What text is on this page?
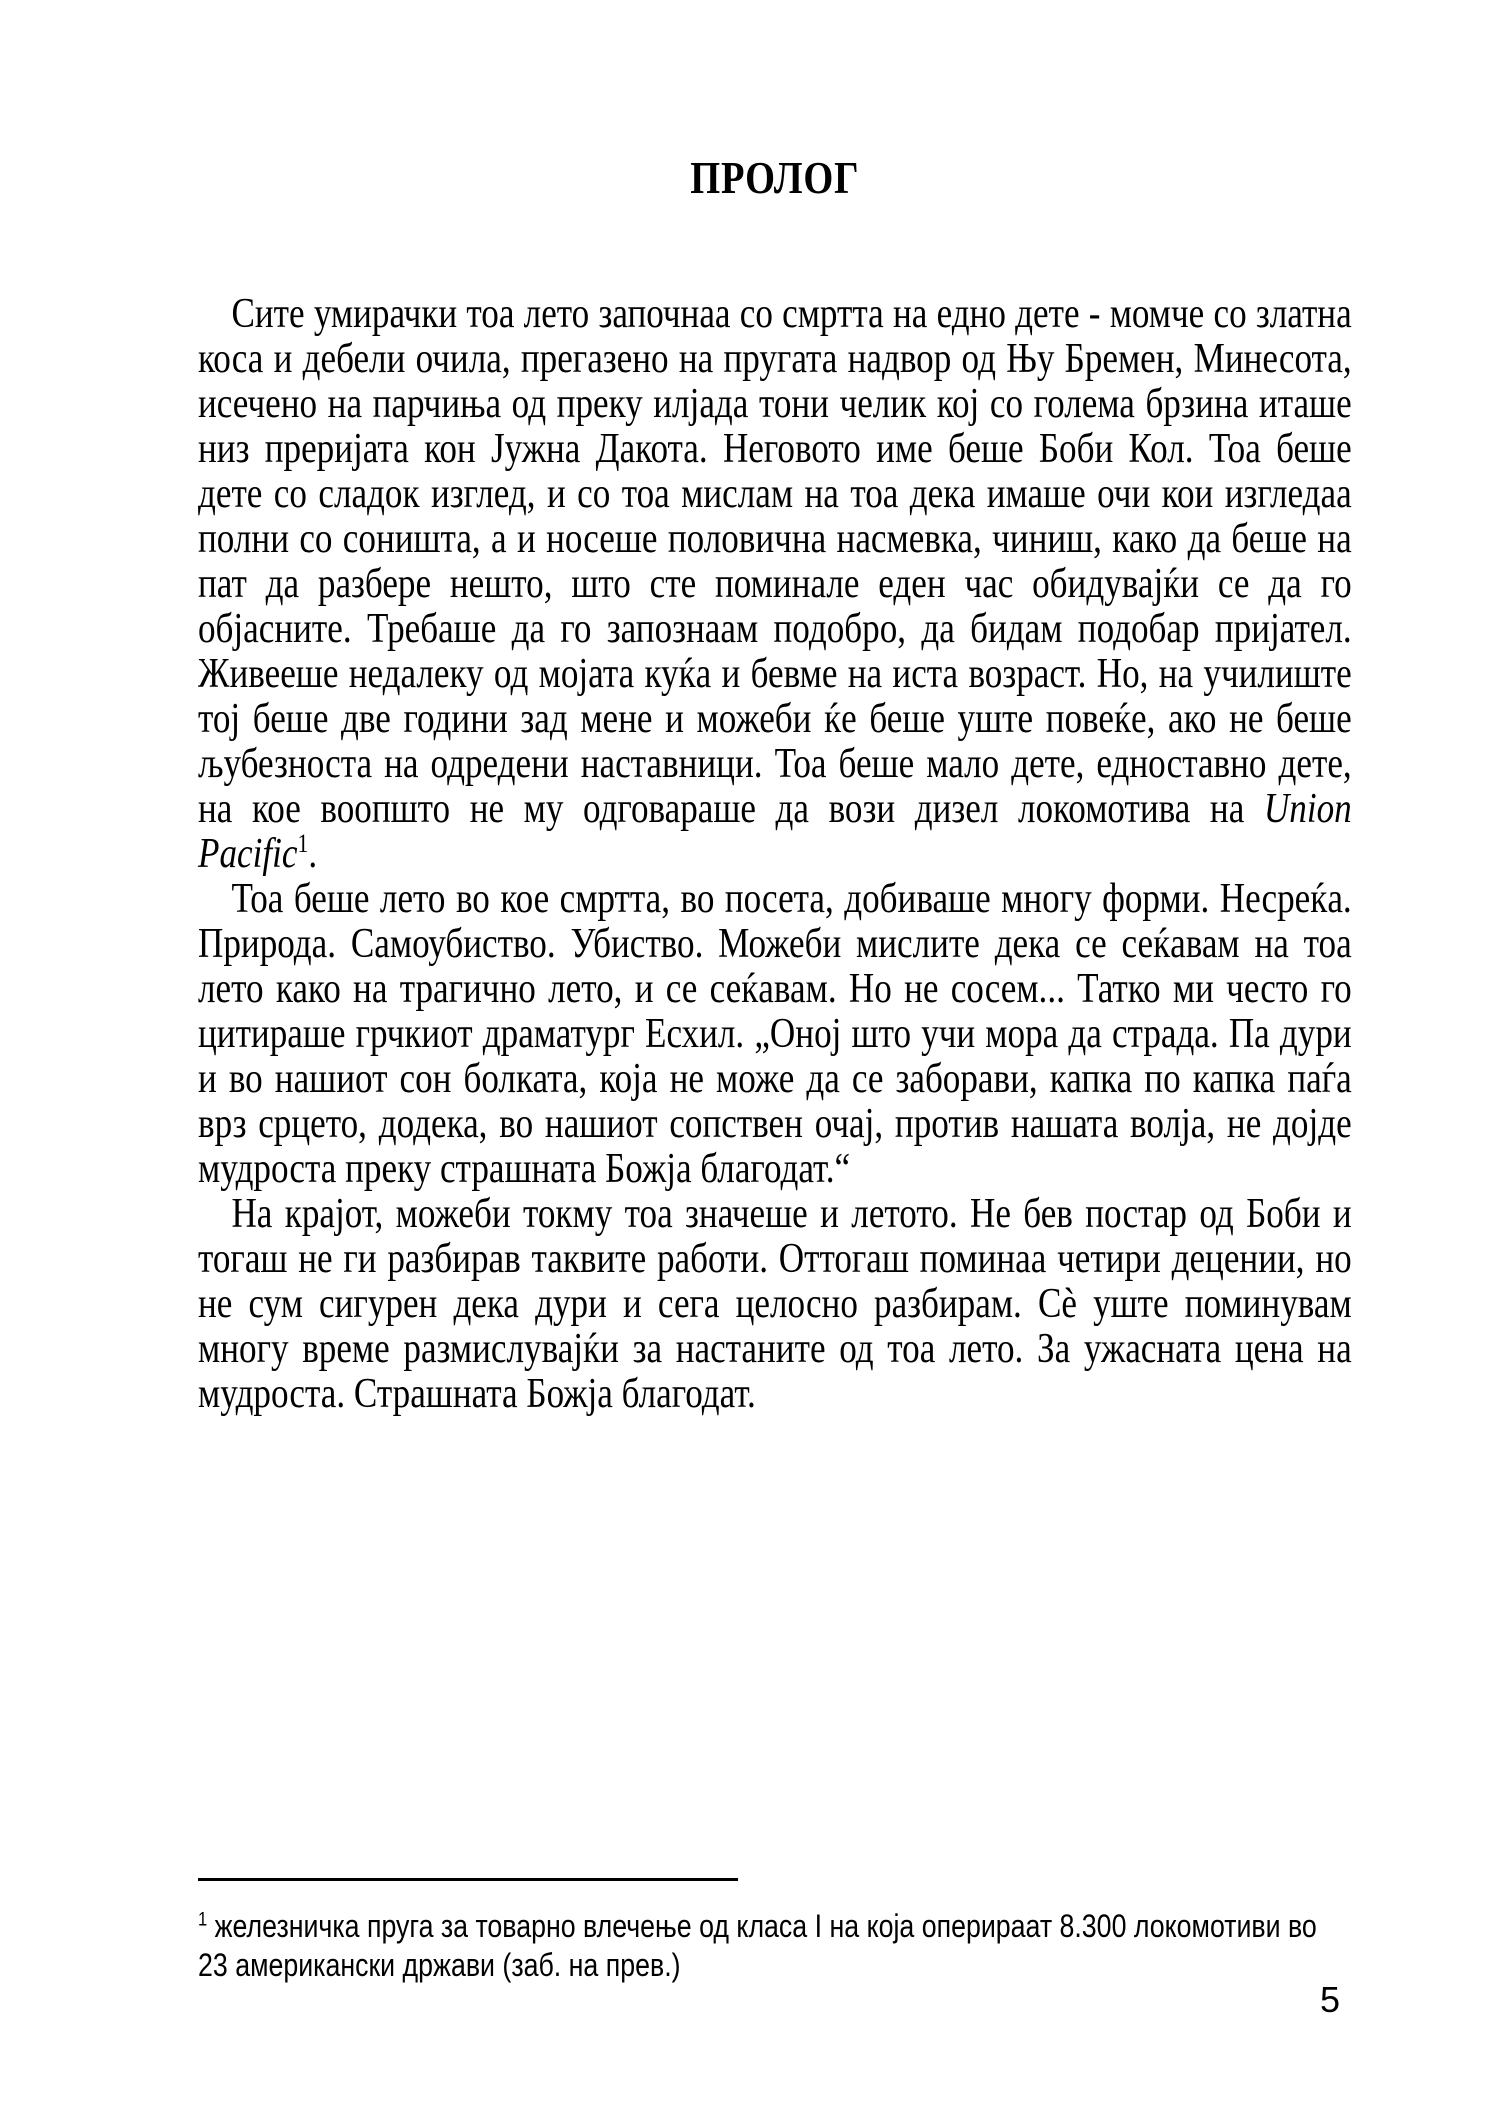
ПРОЛОГ

Сите умирачки тоа лето започнаа со смртта на едно дете - момче со златна коса и дебели очила, прегазено на пругата надвор од Њу Бремен, Минесота, исечено на парчиња од преку илјада тони челик кој со голема брзина иташе низ преријата кон Јужна Дакота. Неговото име беше Боби Кол. Тоа беше дете со сладок изглед, и со тоа мислам на тоа дека имаше очи кои изгледаа полни со соништа, а и носеше половична насмевка, чиниш, како да беше на пат да разбере нешто, што сте поминале еден час обидувајќи се да го објасните. Требаше да го запознаам подобро, да бидам подобар пријател. Живееше недалеку од мојата куќа и бевме на иста возраст. Но, на училиште тој беше две години зад мене и можеби ќе беше уште повеќе, ако не беше љубезноста на одредени наставници. Тоа беше мало дете, едноставно дете, на кое воопшто не му одговараше да вози дизел локомотива на Union Pacific$^1$.

Тоа беше лето во кое смртта, во посета, добиваше многу форми. Несреќа. Природа. Самоубиство. Убиство. Можеби мислите дека се сеќавам на тоа лето како на трагично лето, и се сеќавам. Но не сосем... Татко ми често го цитираше грчкиот драматург Есхил. „Оној што учи мора да страда. Па дури и во нашиот сон болката, која не може да се заборави, капка по капка паѓа врз срцето, додека, во нашиот сопствен очај, против нашата волја, не дојде мудроста преку страшната Божја благодат.“

На крајот, можеби токму тоа значеше и летото. Не бев постар од Боби и тогаш не ги разбирав таквите работи. Оттогаш поминаа четири децении, но не сум сигурен дека дури и сега целосно разбирам. Сѐ уште поминувам многу време размислувајќи за настаните од тоа лето. За ужасната цена на мудроста. Страшната Божја благодат.

$^1$ железничка пруга за товарно влечење од класа I на која оперираат 8.300 локомотиви во 23 американски држави (заб. на прев.)
5
